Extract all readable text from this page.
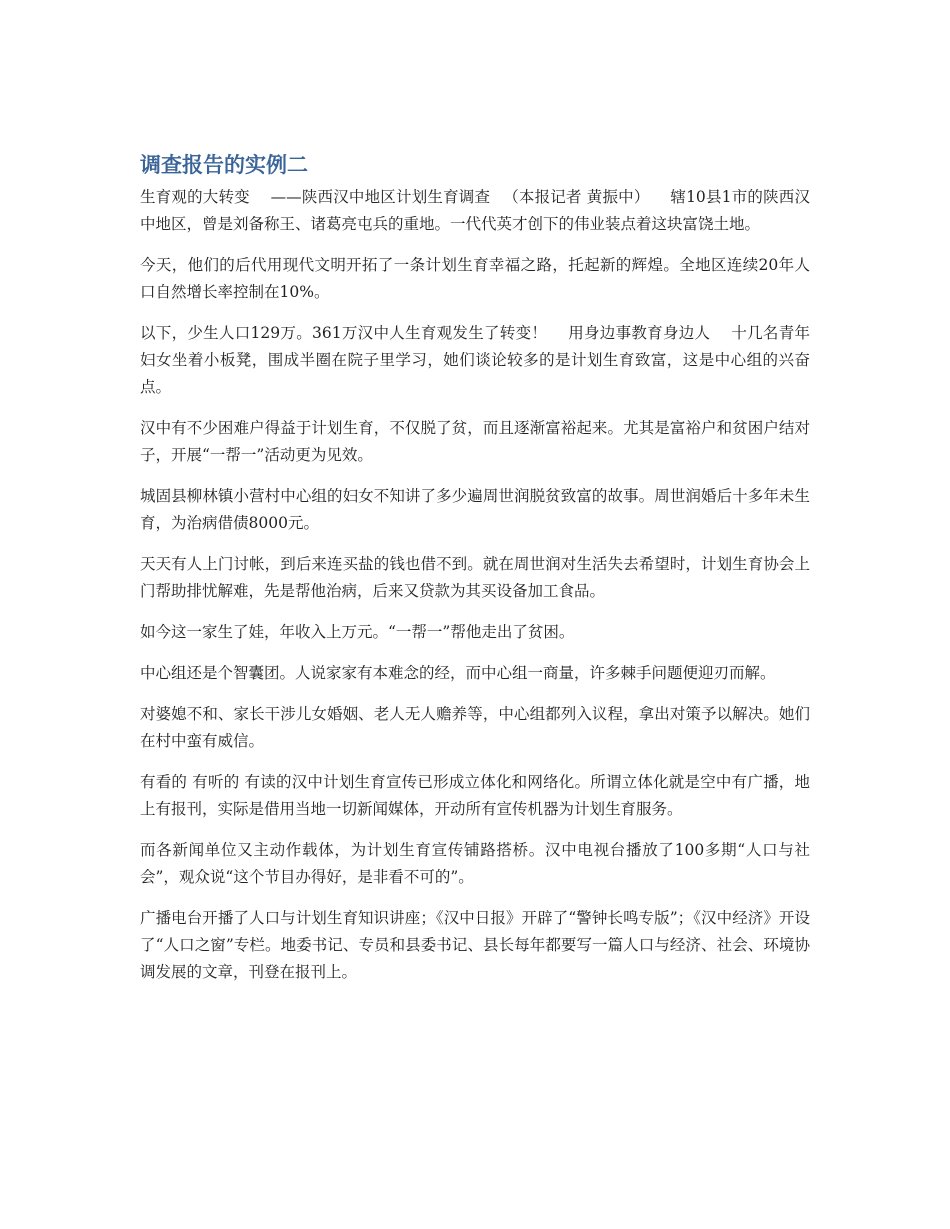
调查报告的实例二

生育观的大转变 　——陕西汉中地区计划生育调查 　（本报记者 黄振中） 　辖10县1市的陕西汉中地区，曾是刘备称王、诸葛亮屯兵的重地。一代代英才创下的伟业装点着这块富饶土地。

今天，他们的后代用现代文明开拓了一条计划生育幸福之路，托起新的辉煌。全地区连续20年人口自然增长率控制在10%。

以下，少生人口129万。361万汉中人生育观发生了转变！ 　用身边事教育身边人 　十几名青年妇女坐着小板凳，围成半圈在院子里学习，她们谈论较多的是计划生育致富，这是中心组的兴奋点。

汉中有不少困难户得益于计划生育，不仅脱了贫，而且逐渐富裕起来。尤其是富裕户和贫困户结对子，开展“一帮一”活动更为见效。

城固县柳林镇小营村中心组的妇女不知讲了多少遍周世润脱贫致富的故事。周世润婚后十多年未生育，为治病借债8000元。

天天有人上门讨帐，到后来连买盐的钱也借不到。就在周世润对生活失去希望时，计划生育协会上门帮助排忧解难，先是帮他治病，后来又贷款为其买设备加工食品。

如今这一家生了娃，年收入上万元。“一帮一”帮他走出了贫困。

中心组还是个智囊团。人说家家有本难念的经，而中心组一商量，许多棘手问题便迎刃而解。

对婆媳不和、家长干涉儿女婚姻、老人无人赡养等，中心组都列入议程，拿出对策予以解决。她们在村中蛮有威信。

有看的 有听的 有读的汉中计划生育宣传已形成立体化和网络化。所谓立体化就是空中有广播，地上有报刊，实际是借用当地一切新闻媒体，开动所有宣传机器为计划生育服务。

而各新闻单位又主动作载体，为计划生育宣传铺路搭桥。汉中电视台播放了100多期“人口与社会”，观众说“这个节目办得好，是非看不可的”。

广播电台开播了人口与计划生育知识讲座；《汉中日报》开辟了“警钟长鸣专版”；《汉中经济》开设了“人口之窗”专栏。地委书记、专员和县委书记、县长每年都要写一篇人口与经济、社会、环境协调发展的文章，刊登在报刊上。
